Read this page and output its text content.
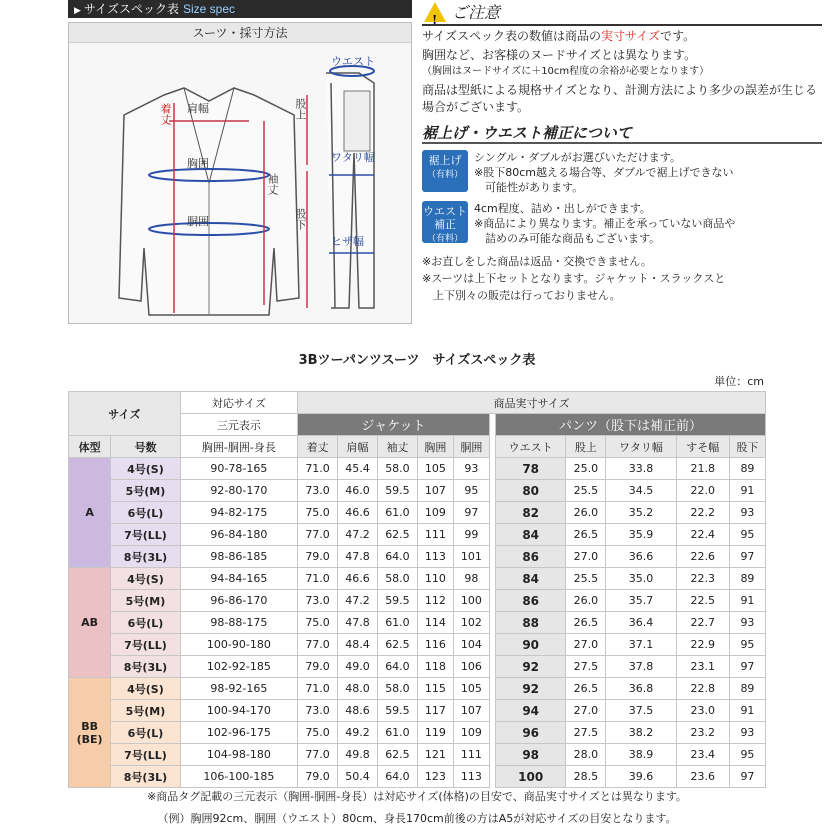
▶ サイズスペック表 Size spec
スーツ・採寸方法
着丈 肩幅
胸囲
胴囲
袖丈
股上
股下
ウエスト
ワタリ幅
ヒザ幅
! ご注意
サイズスペック表の数値は商品の実寸サイズです。
胸囲など、お客様のヌードサイズとは異なります。
（胸囲はヌードサイズに＋10cm程度の余裕が必要となります）
商品は型紙による規格サイズとなり、計測方法により多少の誤差が生じる場合がございます。
裾上げ・ウエスト補正について
裾上げ
（有料）
シングル・ダブルがお選びいただけます。
※股下80cm越える場合等、ダブルで裾上げできない
　可能性があります。
ウエスト
補正
（有料）
4cm程度、詰め・出しができます。
※商品により異なります。補正を承っていない商品や
　詰めのみ可能な商品もございます。
※お直しをした商品は返品・交換できません。
※スーツは上下セットとなります。ジャケット・スラックスと
　上下別々の販売は行っておりません。
3Bツーパンツスーツ　サイズスペック表
単位：cm
サイズ		対応サイズ	商品実寸サイズ										
		三元表示	ジャケット						パンツ（股下は補正前）				
体型	号数	胸囲-胴囲-身長	着丈	肩幅	袖丈	胸囲	胴囲		ウエスト	股上	ワタリ幅	すそ幅	股下

A	4号(S)	90-78-165	71.0	45.4	58.0	105	93		78	25.0	33.8	21.8	89
	5号(M)	92-80-170	73.0	46.0	59.5	107	95		80	25.5	34.5	22.0	91
	6号(L)	94-82-175	75.0	46.6	61.0	109	97		82	26.0	35.2	22.2	93
	7号(LL)	96-84-180	77.0	47.2	62.5	111	99		84	26.5	35.9	22.4	95
	8号(3L)	98-86-185	79.0	47.8	64.0	113	101		86	27.0	36.6	22.6	97

AB	4号(S)	94-84-165	71.0	46.6	58.0	110	98		84	25.5	35.0	22.3	89
	5号(M)	96-86-170	73.0	47.2	59.5	112	100		86	26.0	35.7	22.5	91
	6号(L)	98-88-175	75.0	47.8	61.0	114	102		88	26.5	36.4	22.7	93
	7号(LL)	100-90-180	77.0	48.4	62.5	116	104		90	27.0	37.1	22.9	95
	8号(3L)	102-92-185	79.0	49.0	64.0	118	106		92	27.5	37.8	23.1	97

BB
(BE)	4号(S)	98-92-165	71.0	48.0	58.0	115	105		92	26.5	36.8	22.8	89
	5号(M)	100-94-170	73.0	48.6	59.5	117	107		94	27.0	37.5	23.0	91
	6号(L)	102-96-175	75.0	49.2	61.0	119	109		96	27.5	38.2	23.2	93
	7号(LL)	104-98-180	77.0	49.8	62.5	121	111		98	28.0	38.9	23.4	95
	8号(3L)	106-100-185	79.0	50.4	64.0	123	113		100	28.5	39.6	23.6	97
※商品タグ記載の三元表示（胸囲-胴囲-身長）は対応サイズ(体格)の目安で、商品実寸サイズとは異なります。
（例）胸囲92cm、胴囲（ウエスト）80cm、身長170cm前後の方はA5が対応サイズの目安となります。
